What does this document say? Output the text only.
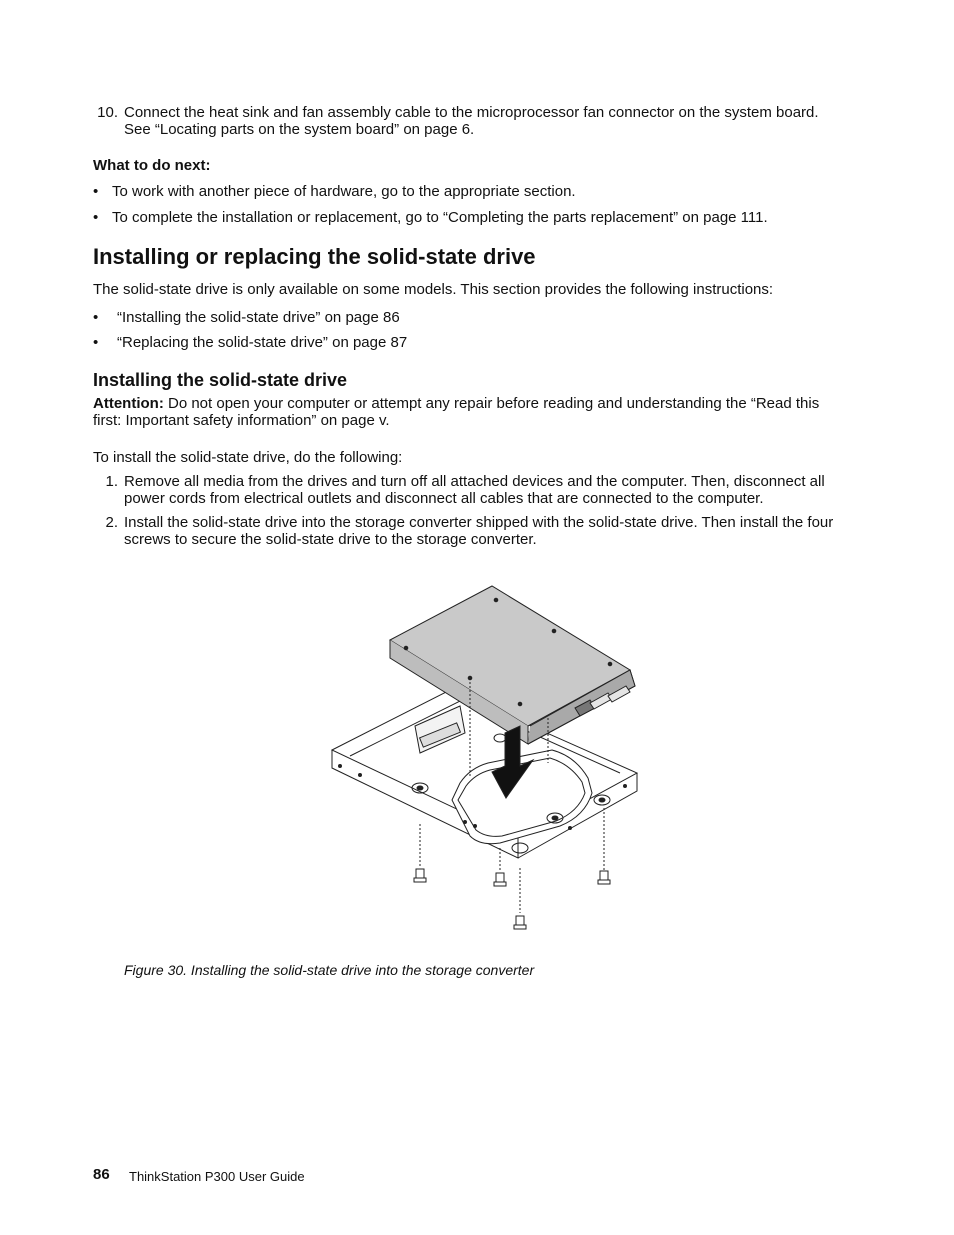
10. Connect the heat sink and fan assembly cable to the microprocessor fan connector on the system board. See “Locating parts on the system board” on page 6.
What to do next:
• To work with another piece of hardware, go to the appropriate section.
• To complete the installation or replacement, go to “Completing the parts replacement” on page 111.
Installing or replacing the solid-state drive
The solid-state drive is only available on some models. This section provides the following instructions:
• “Installing the solid-state drive” on page 86
• “Replacing the solid-state drive” on page 87
Installing the solid-state drive
Attention: Do not open your computer or attempt any repair before reading and understanding the “Read this first: Important safety information” on page v.
To install the solid-state drive, do the following:
1. Remove all media from the drives and turn off all attached devices and the computer. Then, disconnect all power cords from electrical outlets and disconnect all cables that are connected to the computer.
2. Install the solid-state drive into the storage converter shipped with the solid-state drive. Then install the four screws to secure the solid-state drive to the storage converter.
Figure 30. Installing the solid-state drive into the storage converter
86 ThinkStation P300 User Guide
